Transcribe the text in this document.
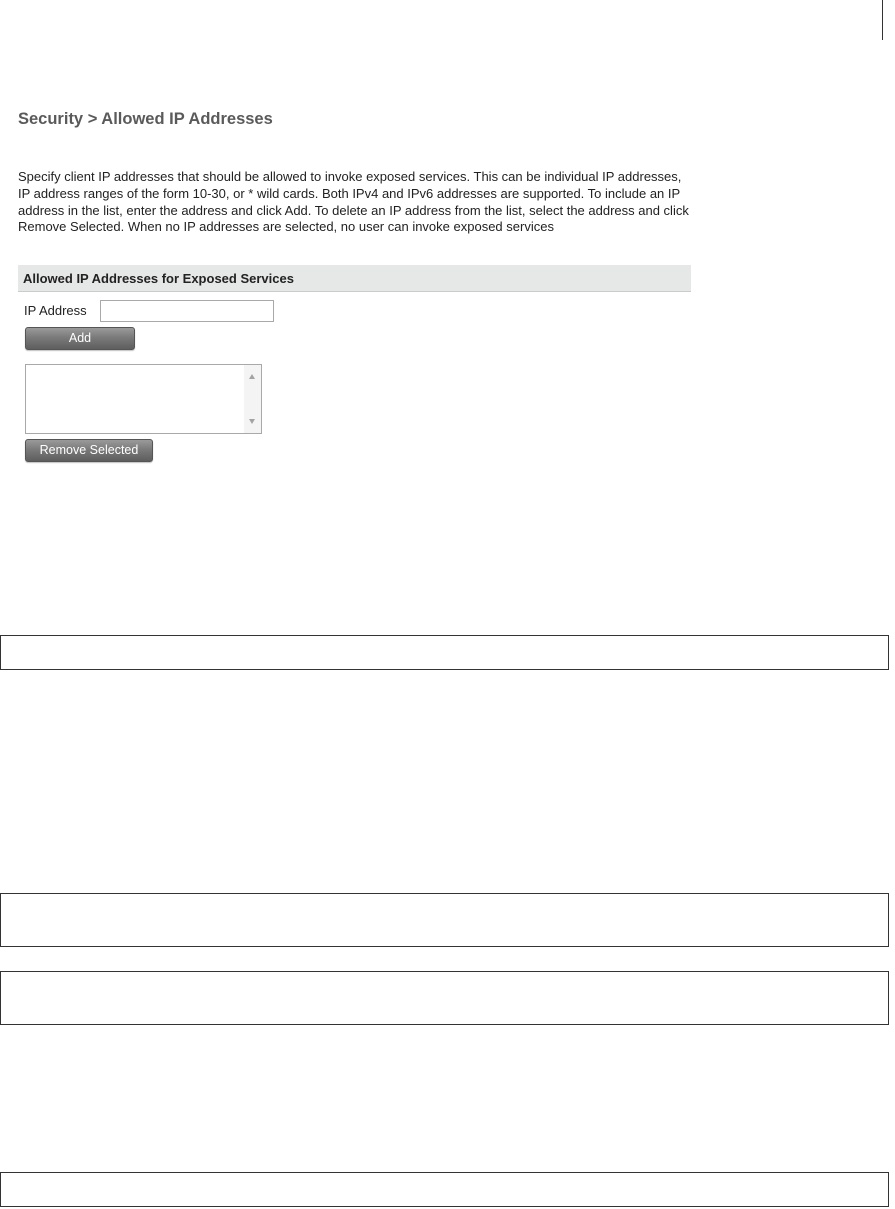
Security > Allowed IP Addresses

Specify client IP addresses that should be allowed to invoke exposed services. This can be individual IP addresses, IP address ranges of the form 10-30, or * wild cards. Both IPv4 and IPv6 addresses are supported. To include an IP address in the list, enter the address and click Add. To delete an IP address from the list, select the address and click Remove Selected. When no IP addresses are selected, no user can invoke exposed services

Allowed IP Addresses for Exposed Services
IP Address
Add
Remove Selected
